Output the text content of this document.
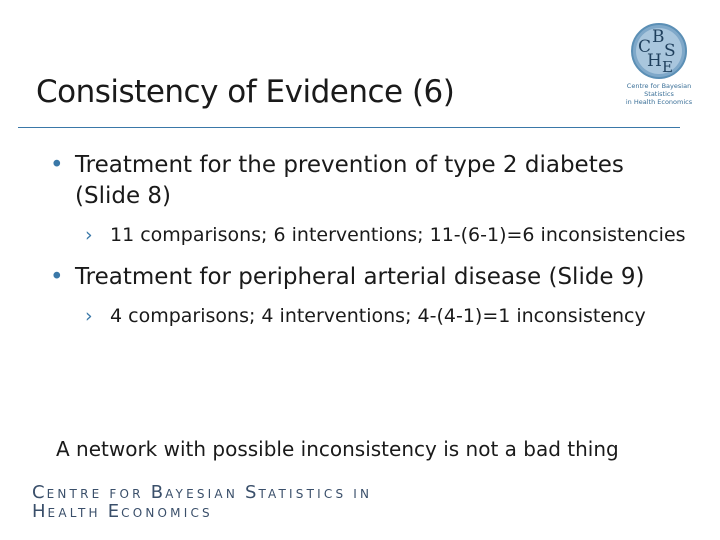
Consistency of Evidence (6)
C B
H S
E
Centre for Bayesian Statistics
in Health Economics
• Treatment for the prevention of type 2 diabetes (Slide 8)
› 11 comparisons; 6 interventions; 11-(6-1)=6 inconsistencies
• Treatment for peripheral arterial disease (Slide 9)
› 4 comparisons; 4 interventions; 4-(4-1)=1 inconsistency
A network with possible inconsistency is not a bad thing
CENTRE FOR BAYESIAN STATISTICS IN
HEALTH ECONOMICS
